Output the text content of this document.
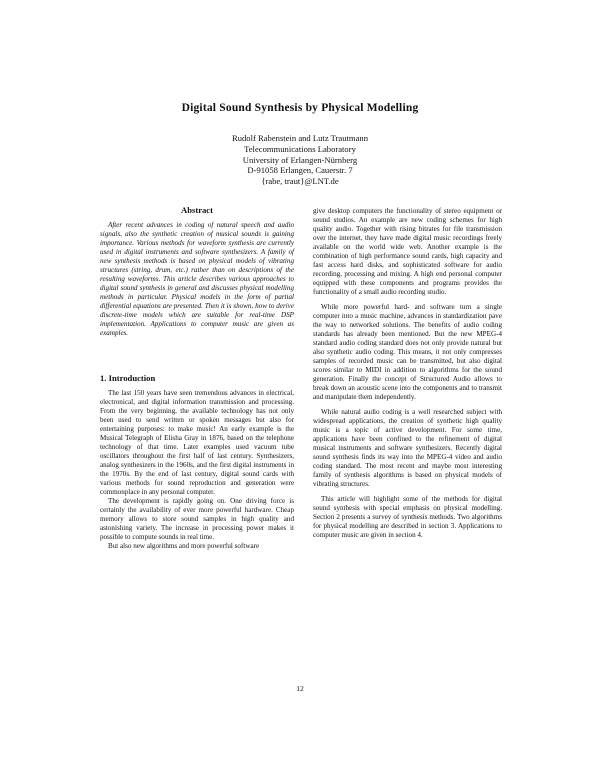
Digital Sound Synthesis by Physical Modelling
Rudolf Rabenstein and Lutz Trautmann
Telecommunications Laboratory
University of Erlangen-Nürnberg
D-91058 Erlangen, Cauerstr. 7
{rabe, traut}@LNT.de
Abstract

After recent advances in coding of natural speech and audio signals, also the synthetic creation of musical sounds is gaining importance. Various methods for waveform synthesis are currently used in digital instruments and software synthesizers. A family of new synthesis methods is based on physical models of vibrating structures (string, drum, etc.) rather than on descriptions of the resulting waveforms. This article describes various approaches to digital sound synthesis in general and discusses physical modelling methods in particular. Physical models in the form of partial differential equations are presented. Then it is shown, how to derive discrete-time models which are suitable for real-time DSP implementation. Applications to computer music are given as examples.

1. Introduction

The last 150 years have seen tremendous advances in electrical, electronical, and digital information transmission and processing. From the very beginning, the available technology has not only been used to send written or spoken messages but also for entertaining purposes: to make music! An early example is the Musical Telegraph of Elisha Gray in 1876, based on the telephone technology of that time. Later examples used vacuum tube oscillators throughout the first half of last century. Synthesizers, analog synthesizers in the 1960s, and the first digital instruments in the 1970s. By the end of last century, digital sound cards with various methods for sound reproduction and generation were commonplace in any personal computer.

The development is rapidly going on. One driving force is certainly the availability of ever more powerful hardware. Cheap memory allows to store sound samples in high quality and astonishing variety. The increase in processing power makes it possible to compute sounds in real time.

But also new algorithms and more powerful software

give desktop computers the functionality of stereo equipment or sound studios. An example are new coding schemes for high quality audio. Together with rising bitrates for file transmission over the internet, they have made digital music recordings freely available on the world wide web. Another example is the combination of high performance sound cards, high capacity and fast access hard disks, and sophisticated software for audio recording, processing and mixing. A high end personal computer equipped with these components and programs provides the functionality of a small audio recording studio.

While more powerful hard- and software turn a single computer into a music machine, advances in standardization pave the way to networked solutions. The benefits of audio coding standards has already been mentioned. But the new MPEG-4 standard audio coding standard does not only provide natural but also synthetic audio coding. This means, it not only compresses samples of recorded music can be transmitted, but also digital scores similar to MIDI in addition to algorithms for the sound generation. Finally the concept of Structured Audio allows to break down an acoustic scene into the components and to transmit and manipulate them independently.

While natural audio coding is a well researched subject with widespread applications, the creation of synthetic high quality music is a topic of active development. For some time, applications have been confined to the refinement of digital musical instruments and software synthesizers. Recently digital sound synthesis finds its way into the MPEG-4 video and audio coding standard. The most recent and maybe most interesting family of synthesis algorithms is based on physical models of vibrating structures.

This article will highlight some of the methods for digital sound synthesis with special emphasis on physical modelling. Section 2 presents a survey of synthesis methods. Two algorithms for physical modelling are described in section 3. Applications to computer music are given in section 4.

12
